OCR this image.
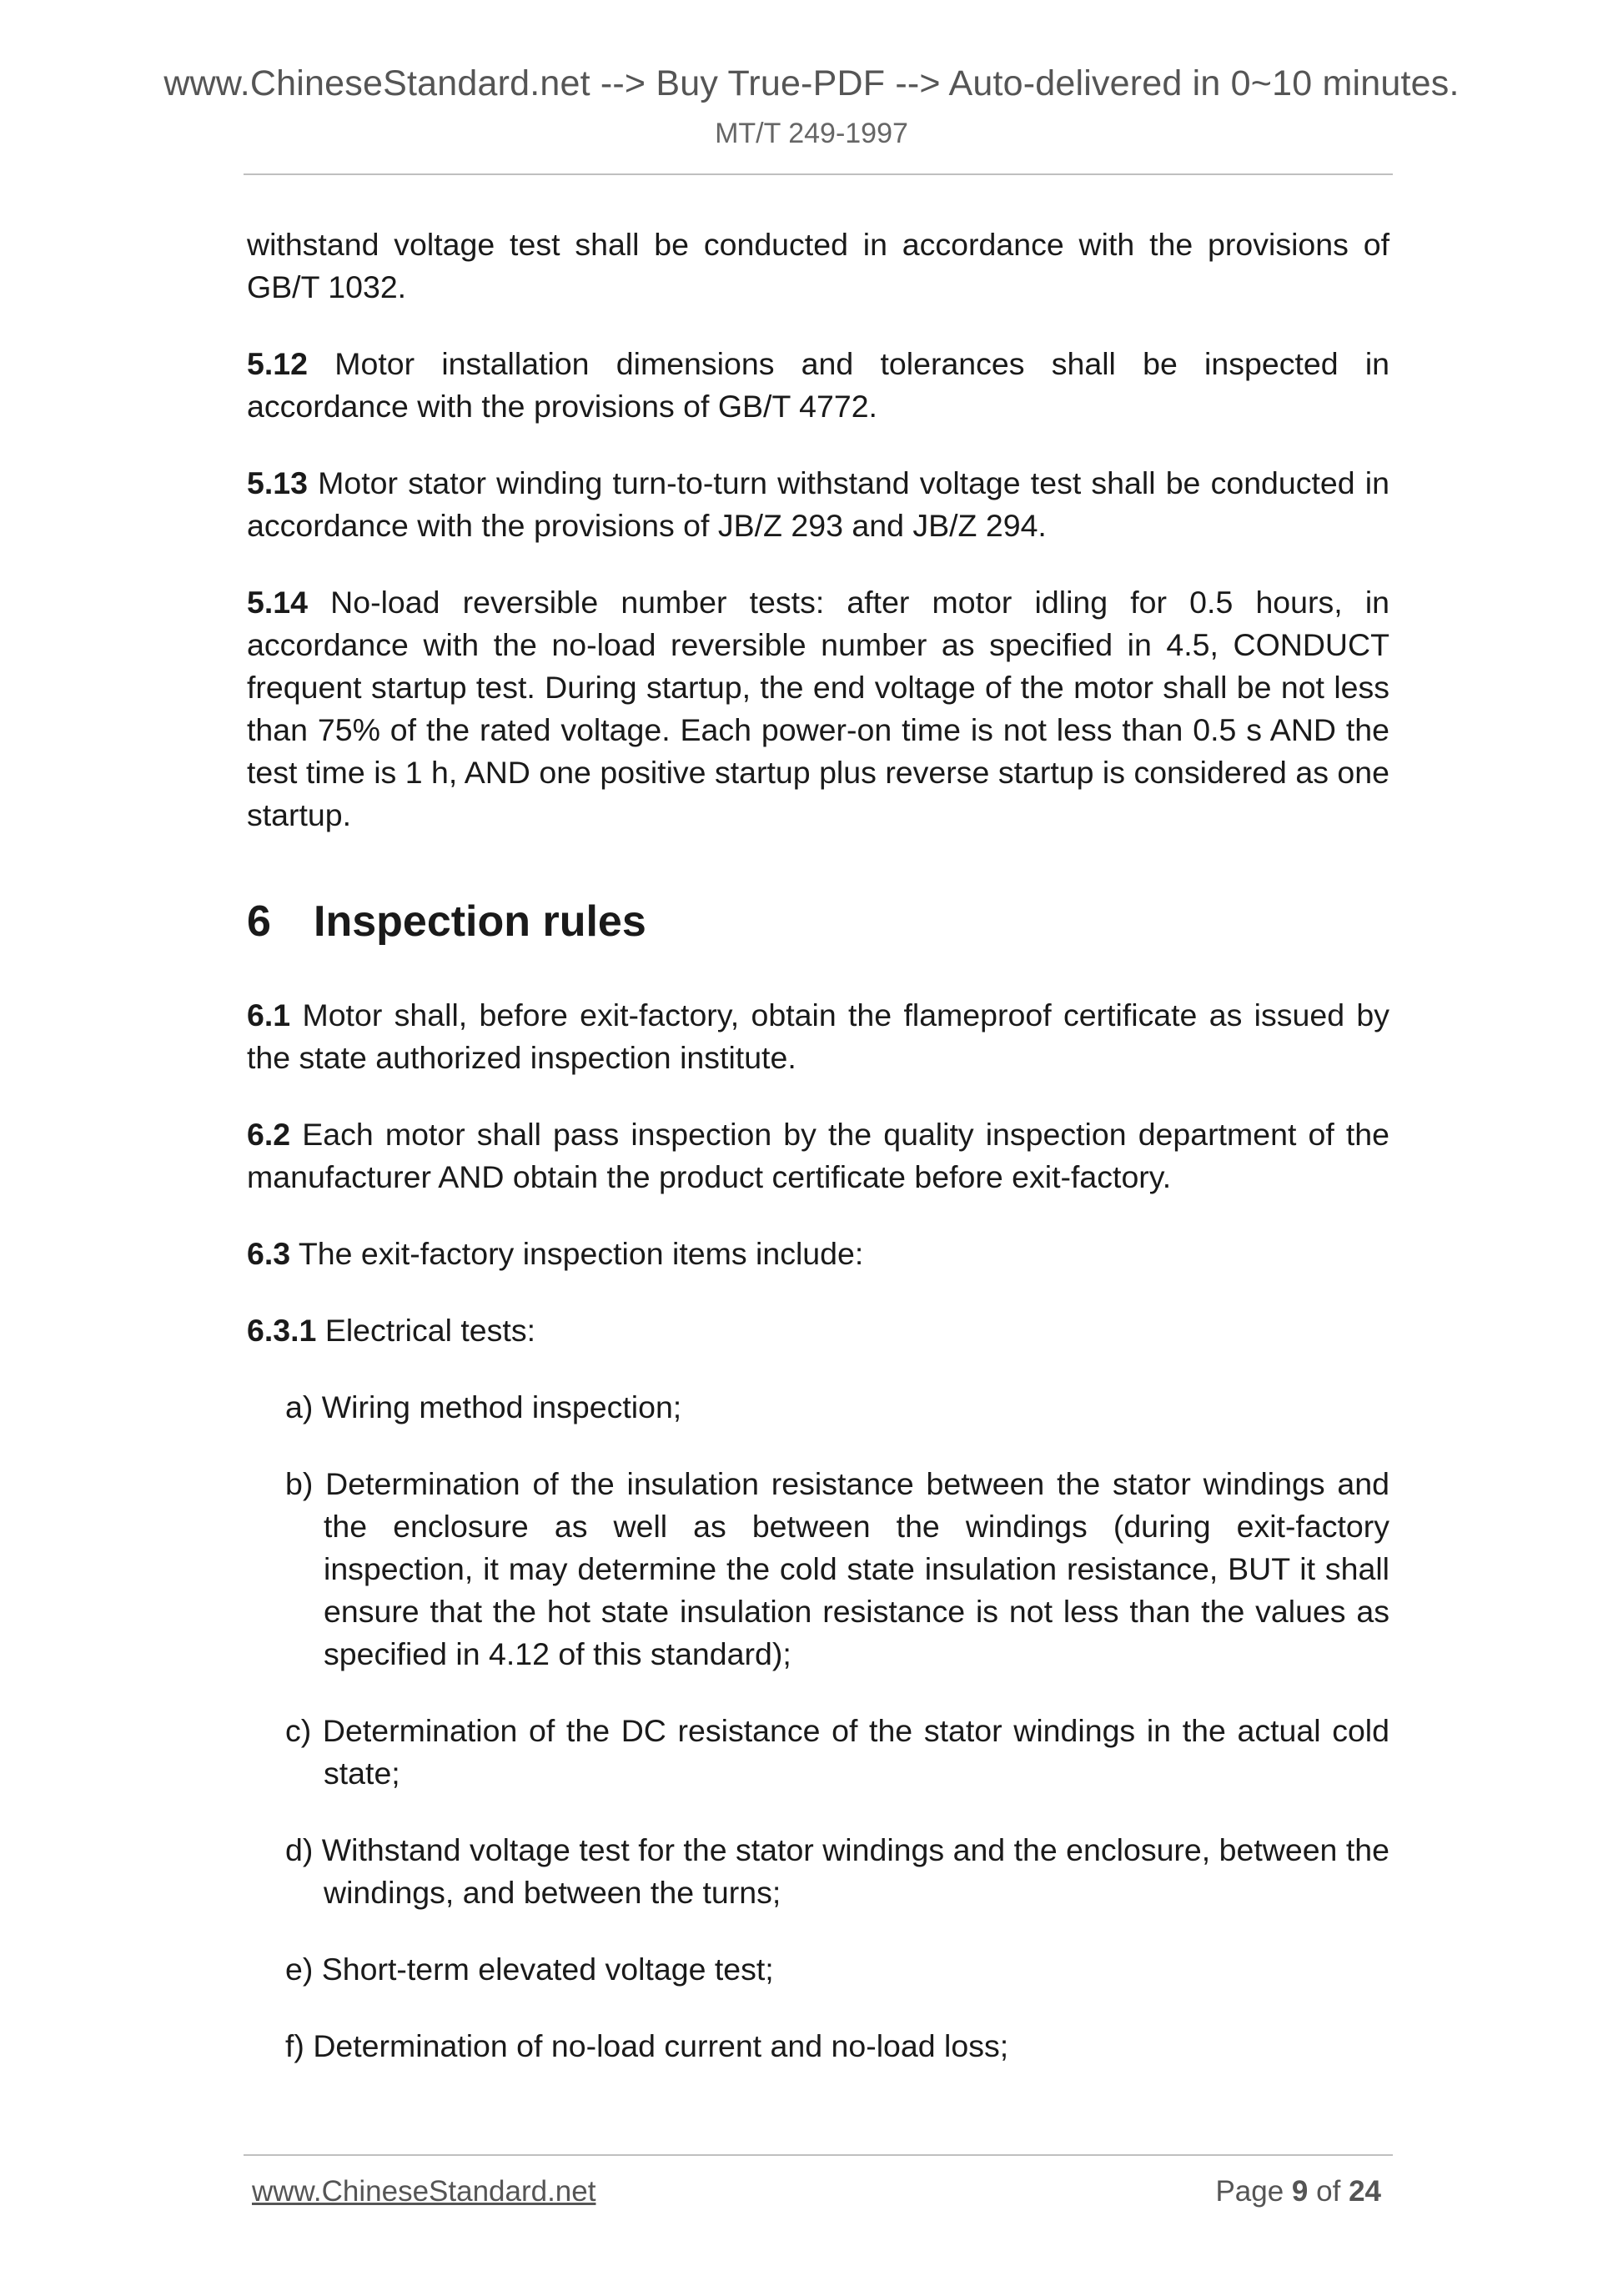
www.ChineseStandard.net --> Buy True-PDF --> Auto-delivered in 0~10 minutes.
MT/T 249-1997

withstand voltage test shall be conducted in accordance with the provisions of GB/T 1032.

5.12 Motor installation dimensions and tolerances shall be inspected in accordance with the provisions of GB/T 4772.

5.13 Motor stator winding turn-to-turn withstand voltage test shall be conducted in accordance with the provisions of JB/Z 293 and JB/Z 294.

5.14 No-load reversible number tests: after motor idling for 0.5 hours, in accordance with the no-load reversible number as specified in 4.5, CONDUCT frequent startup test. During startup, the end voltage of the motor shall be not less than 75% of the rated voltage. Each power-on time is not less than 0.5 s AND the test time is 1 h, AND one positive startup plus reverse startup is considered as one startup.

6 Inspection rules

6.1 Motor shall, before exit-factory, obtain the flameproof certificate as issued by the state authorized inspection institute.

6.2 Each motor shall pass inspection by the quality inspection department of the manufacturer AND obtain the product certificate before exit-factory.

6.3 The exit-factory inspection items include:

6.3.1 Electrical tests:

a) Wiring method inspection;

b) Determination of the insulation resistance between the stator windings and the enclosure as well as between the windings (during exit-factory inspection, it may determine the cold state insulation resistance, BUT it shall ensure that the hot state insulation resistance is not less than the values as specified in 4.12 of this standard);

c) Determination of the DC resistance of the stator windings in the actual cold state;

d) Withstand voltage test for the stator windings and the enclosure, between the windings, and between the turns;

e) Short-term elevated voltage test;

f) Determination of no-load current and no-load loss;

www.ChineseStandard.net	Page 9 of 24
